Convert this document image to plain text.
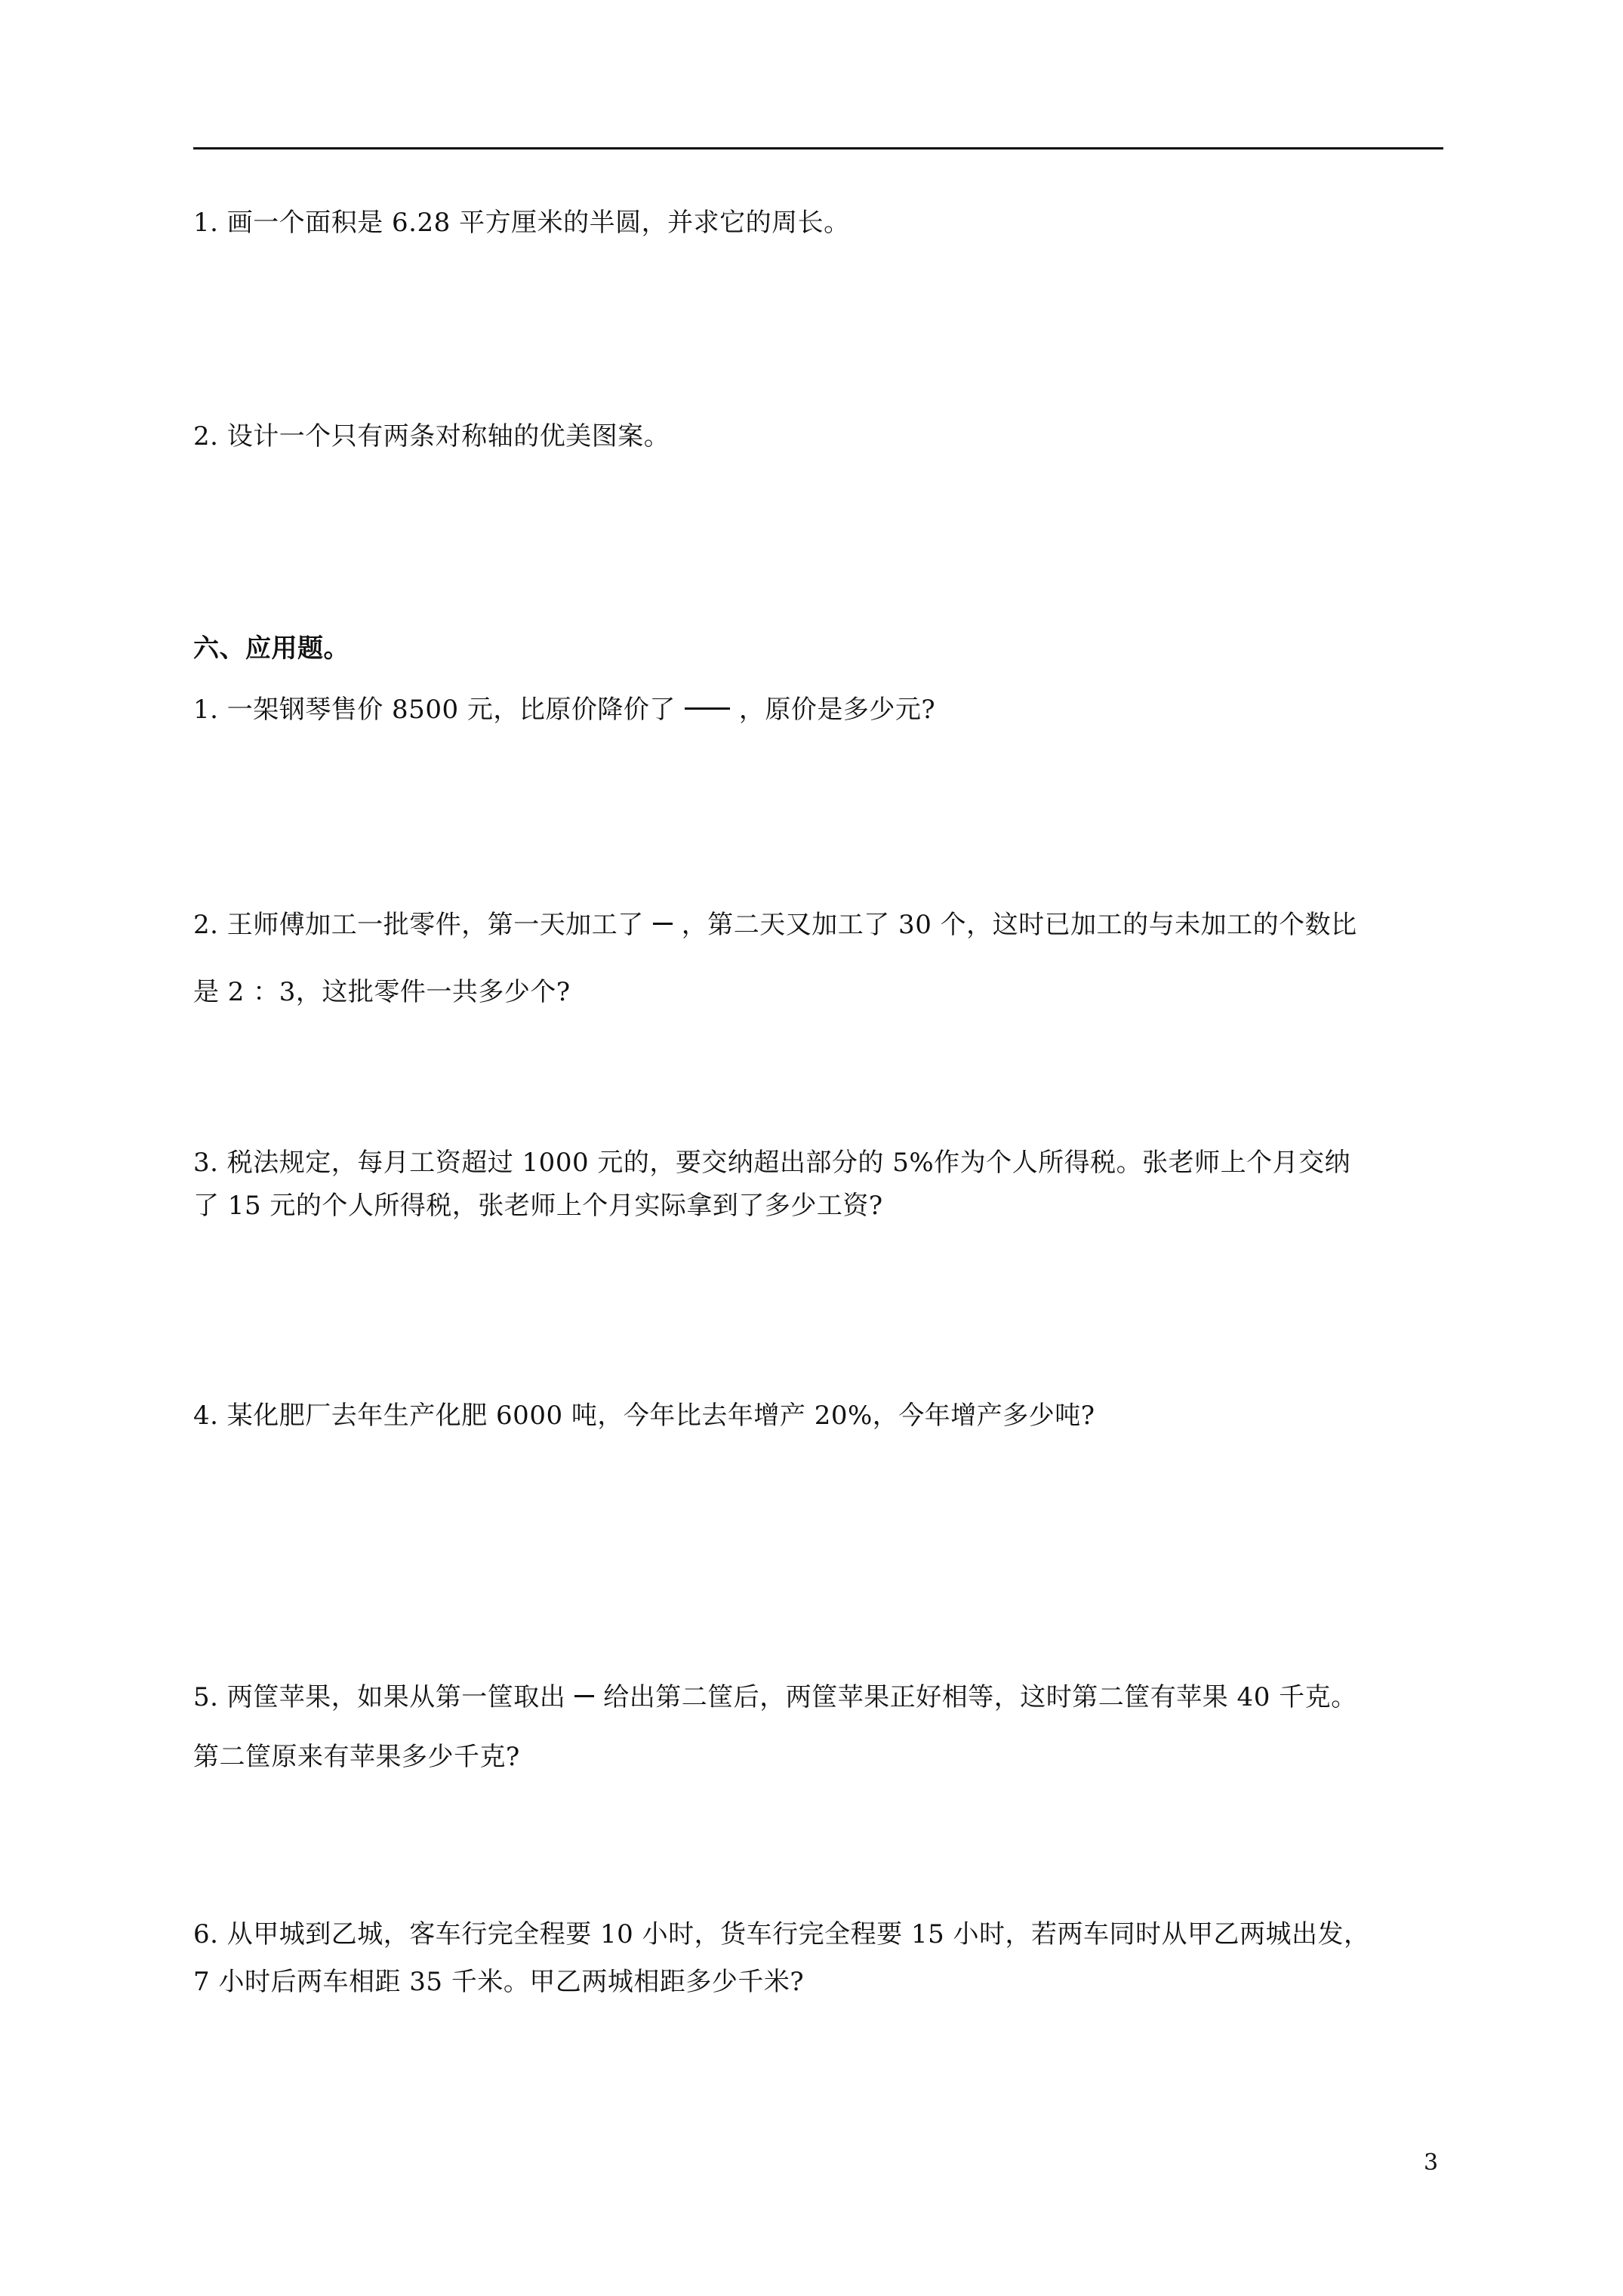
1. 画一个面积是 6.28 平方厘米的半圆，并求它的周长。
2. 设计一个只有两条对称轴的优美图案。
六、应用题。
1. 一架钢琴售价 8500 元，比原价降价了 ，原价是多少元?
2. 王师傅加工一批零件，第一天加工了 ，第二天又加工了 30 个，这时已加工的与未加工的个数比
是 2 ：3，这批零件一共多少个?
3. 税法规定，每月工资超过 1000 元的，要交纳超出部分的 5%作为个人所得税。张老师上个月交纳
了 15 元的个人所得税，张老师上个月实际拿到了多少工资?
4. 某化肥厂去年生产化肥 6000 吨，今年比去年增产 20%，今年增产多少吨?
5. 两筐苹果，如果从第一筐取出 给出第二筐后，两筐苹果正好相等，这时第二筐有苹果 40 千克。
第二筐原来有苹果多少千克?
6. 从甲城到乙城，客车行完全程要 10 小时，货车行完全程要 15 小时，若两车同时从甲乙两城出发，
7 小时后两车相距 35 千米。甲乙两城相距多少千米?
3
